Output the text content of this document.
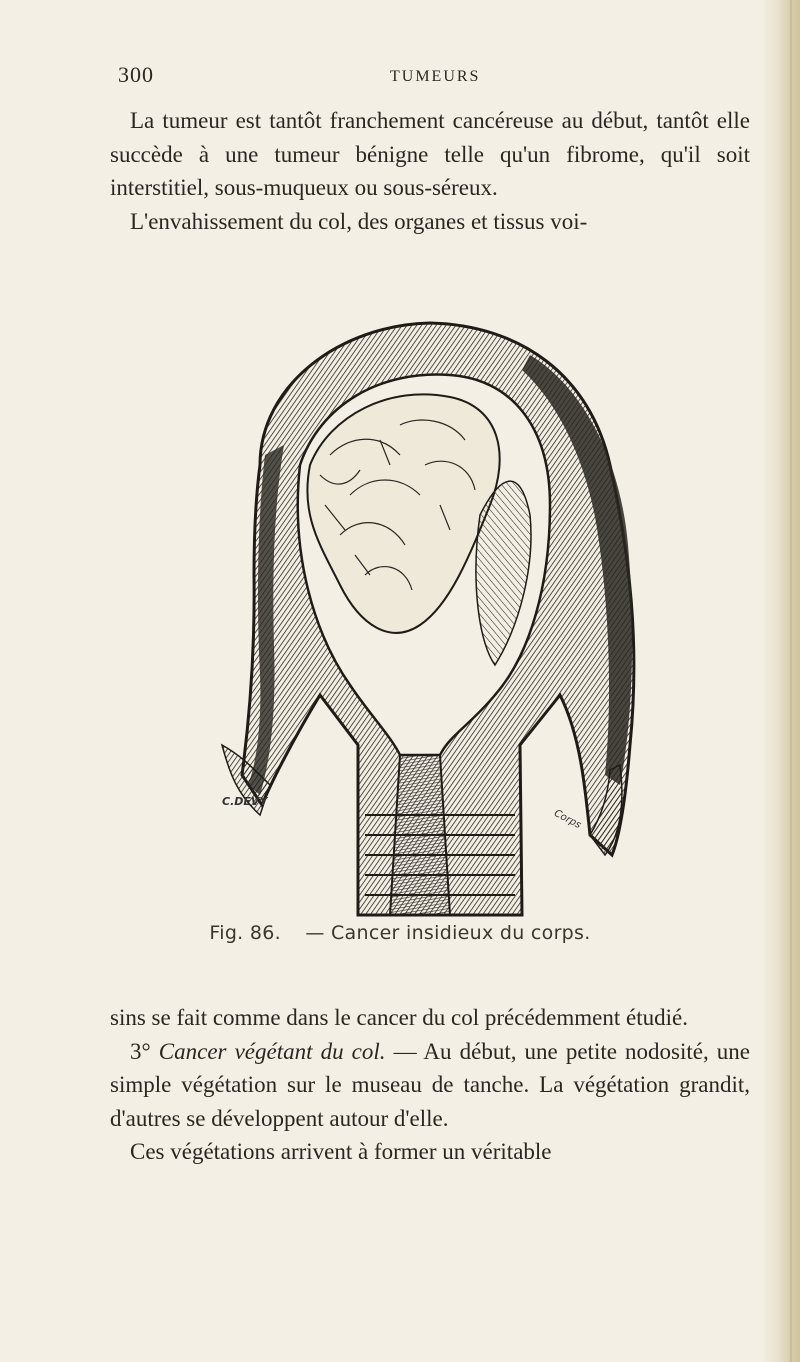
300	TUMEURS

La tumeur est tantôt franchement cancéreuse au début, tantôt elle succède à une tumeur bénigne telle qu'un fibrome, qu'il soit interstitiel, sous-muqueux ou sous-séreux.

L'envahissement du col, des organes et tissus voi-

C.DEVY
Corps
Fig. 86. — Cancer insidieux du corps.

sins se fait comme dans le cancer du col précédemment étudié.

3° Cancer végétant du col. — Au début, une petite nodosité, une simple végétation sur le museau de tanche. La végétation grandit, d'autres se développent autour d'elle.

Ces végétations arrivent à former un véritable
